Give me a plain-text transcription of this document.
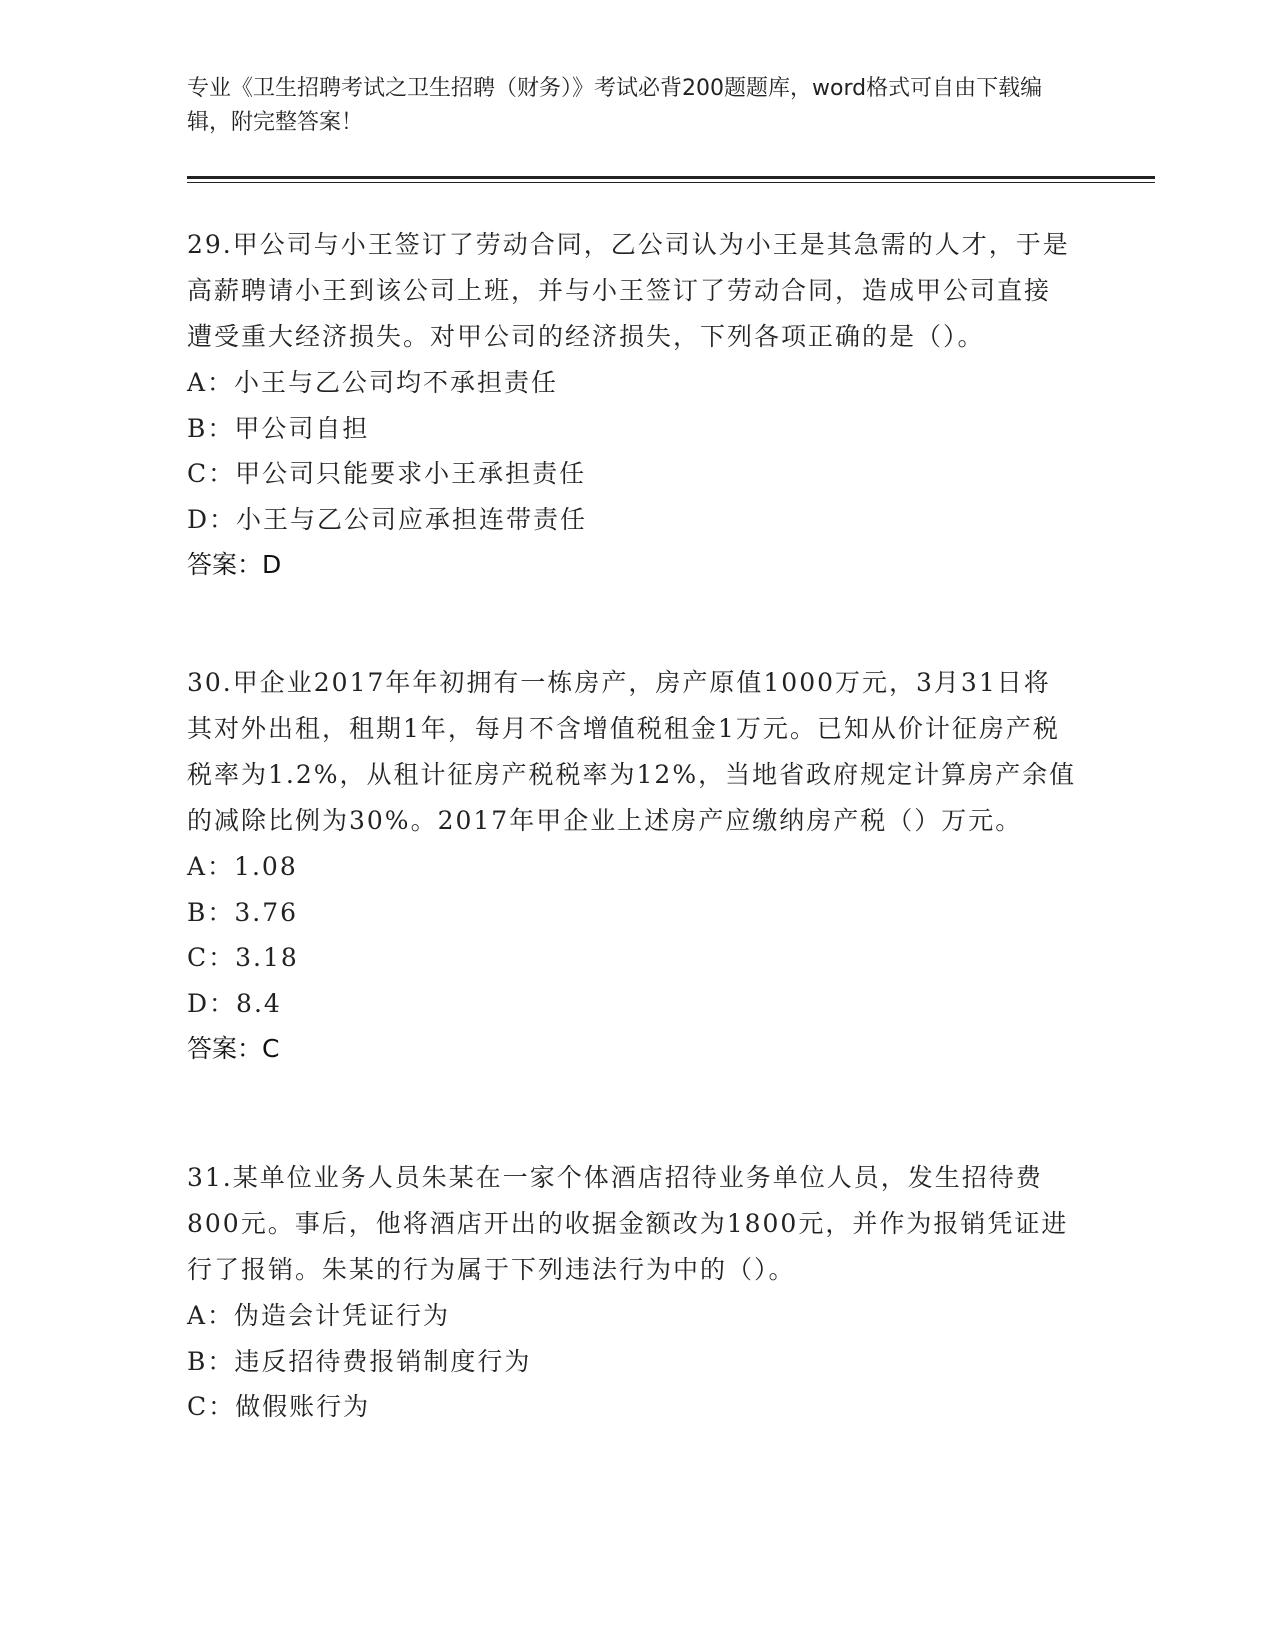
专业《卫生招聘考试之卫生招聘（财务）》考试必背200题题库，word格式可自由下载编辑，附完整答案！

29.甲公司与小王签订了劳动合同，乙公司认为小王是其急需的人才，于是高薪聘请小王到该公司上班，并与小王签订了劳动合同，造成甲公司直接遭受重大经济损失。对甲公司的经济损失，下列各项正确的是（）。

A：小王与乙公司均不承担责任

B：甲公司自担

C：甲公司只能要求小王承担责任

D：小王与乙公司应承担连带责任

答案：D

30.甲企业2017年年初拥有一栋房产，房产原值1000万元，3月31日将其对外出租，租期1年，每月不含增值税租金1万元。已知从价计征房产税税率为1.2%，从租计征房产税税率为12%，当地省政府规定计算房产余值的减除比例为30%。2017年甲企业上述房产应缴纳房产税（）万元。

A：1.08

B：3.76

C：3.18

D：8.4

答案：C

31.某单位业务人员朱某在一家个体酒店招待业务单位人员，发生招待费800元。事后，他将酒店开出的收据金额改为1800元，并作为报销凭证进行了报销。朱某的行为属于下列违法行为中的（）。

A：伪造会计凭证行为

B：违反招待费报销制度行为

C：做假账行为
